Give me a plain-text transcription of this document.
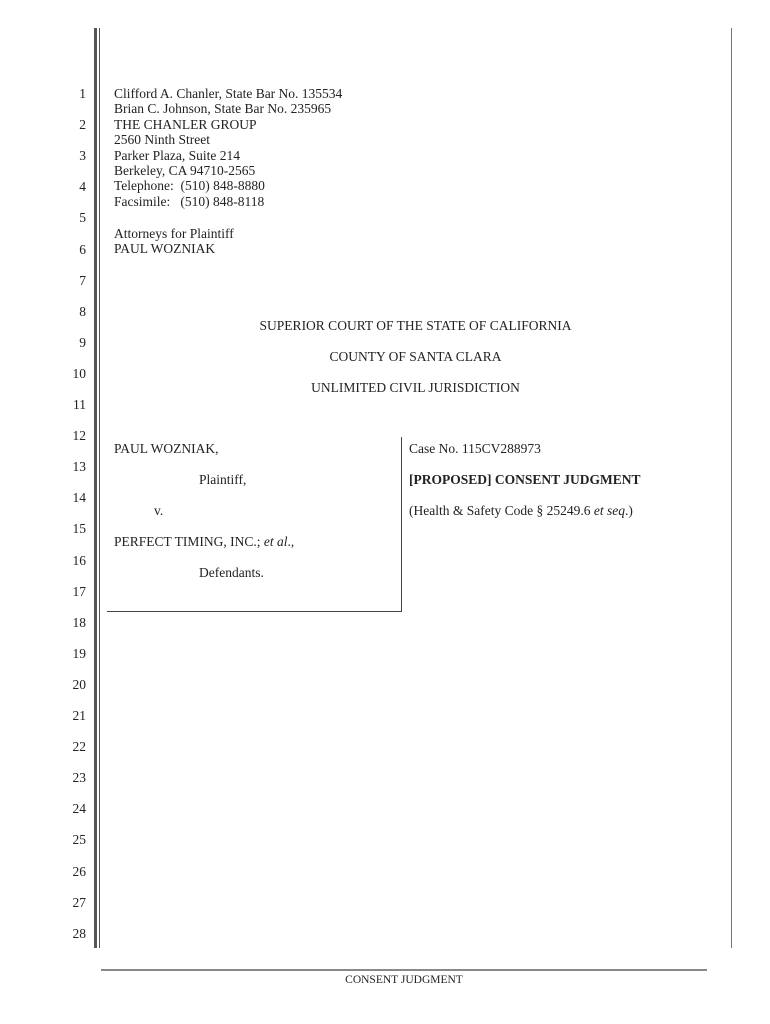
1
2
3
4
5
6
7
8
9
10
11
12
13
14
15
16
17
18
19
20
21
22
23
24
25
26
27
28
Clifford A. Chanler, State Bar No. 135534
Brian C. Johnson, State Bar No. 235965
THE CHANLER GROUP
2560 Ninth Street
Parker Plaza, Suite 214
Berkeley, CA 94710-2565
Telephone:  (510) 848-8880
Facsimile:   (510) 848-8118
Attorneys for Plaintiff
PAUL WOZNIAK
SUPERIOR COURT OF THE STATE OF CALIFORNIA
COUNTY OF SANTA CLARA
UNLIMITED CIVIL JURISDICTION
PAUL WOZNIAK,
Plaintiff,
v.
PERFECT TIMING, INC.; et al.,
Defendants.
Case No. 115CV288973
[PROPOSED] CONSENT JUDGMENT
(Health & Safety Code § 25249.6 et seq.)
CONSENT JUDGMENT
